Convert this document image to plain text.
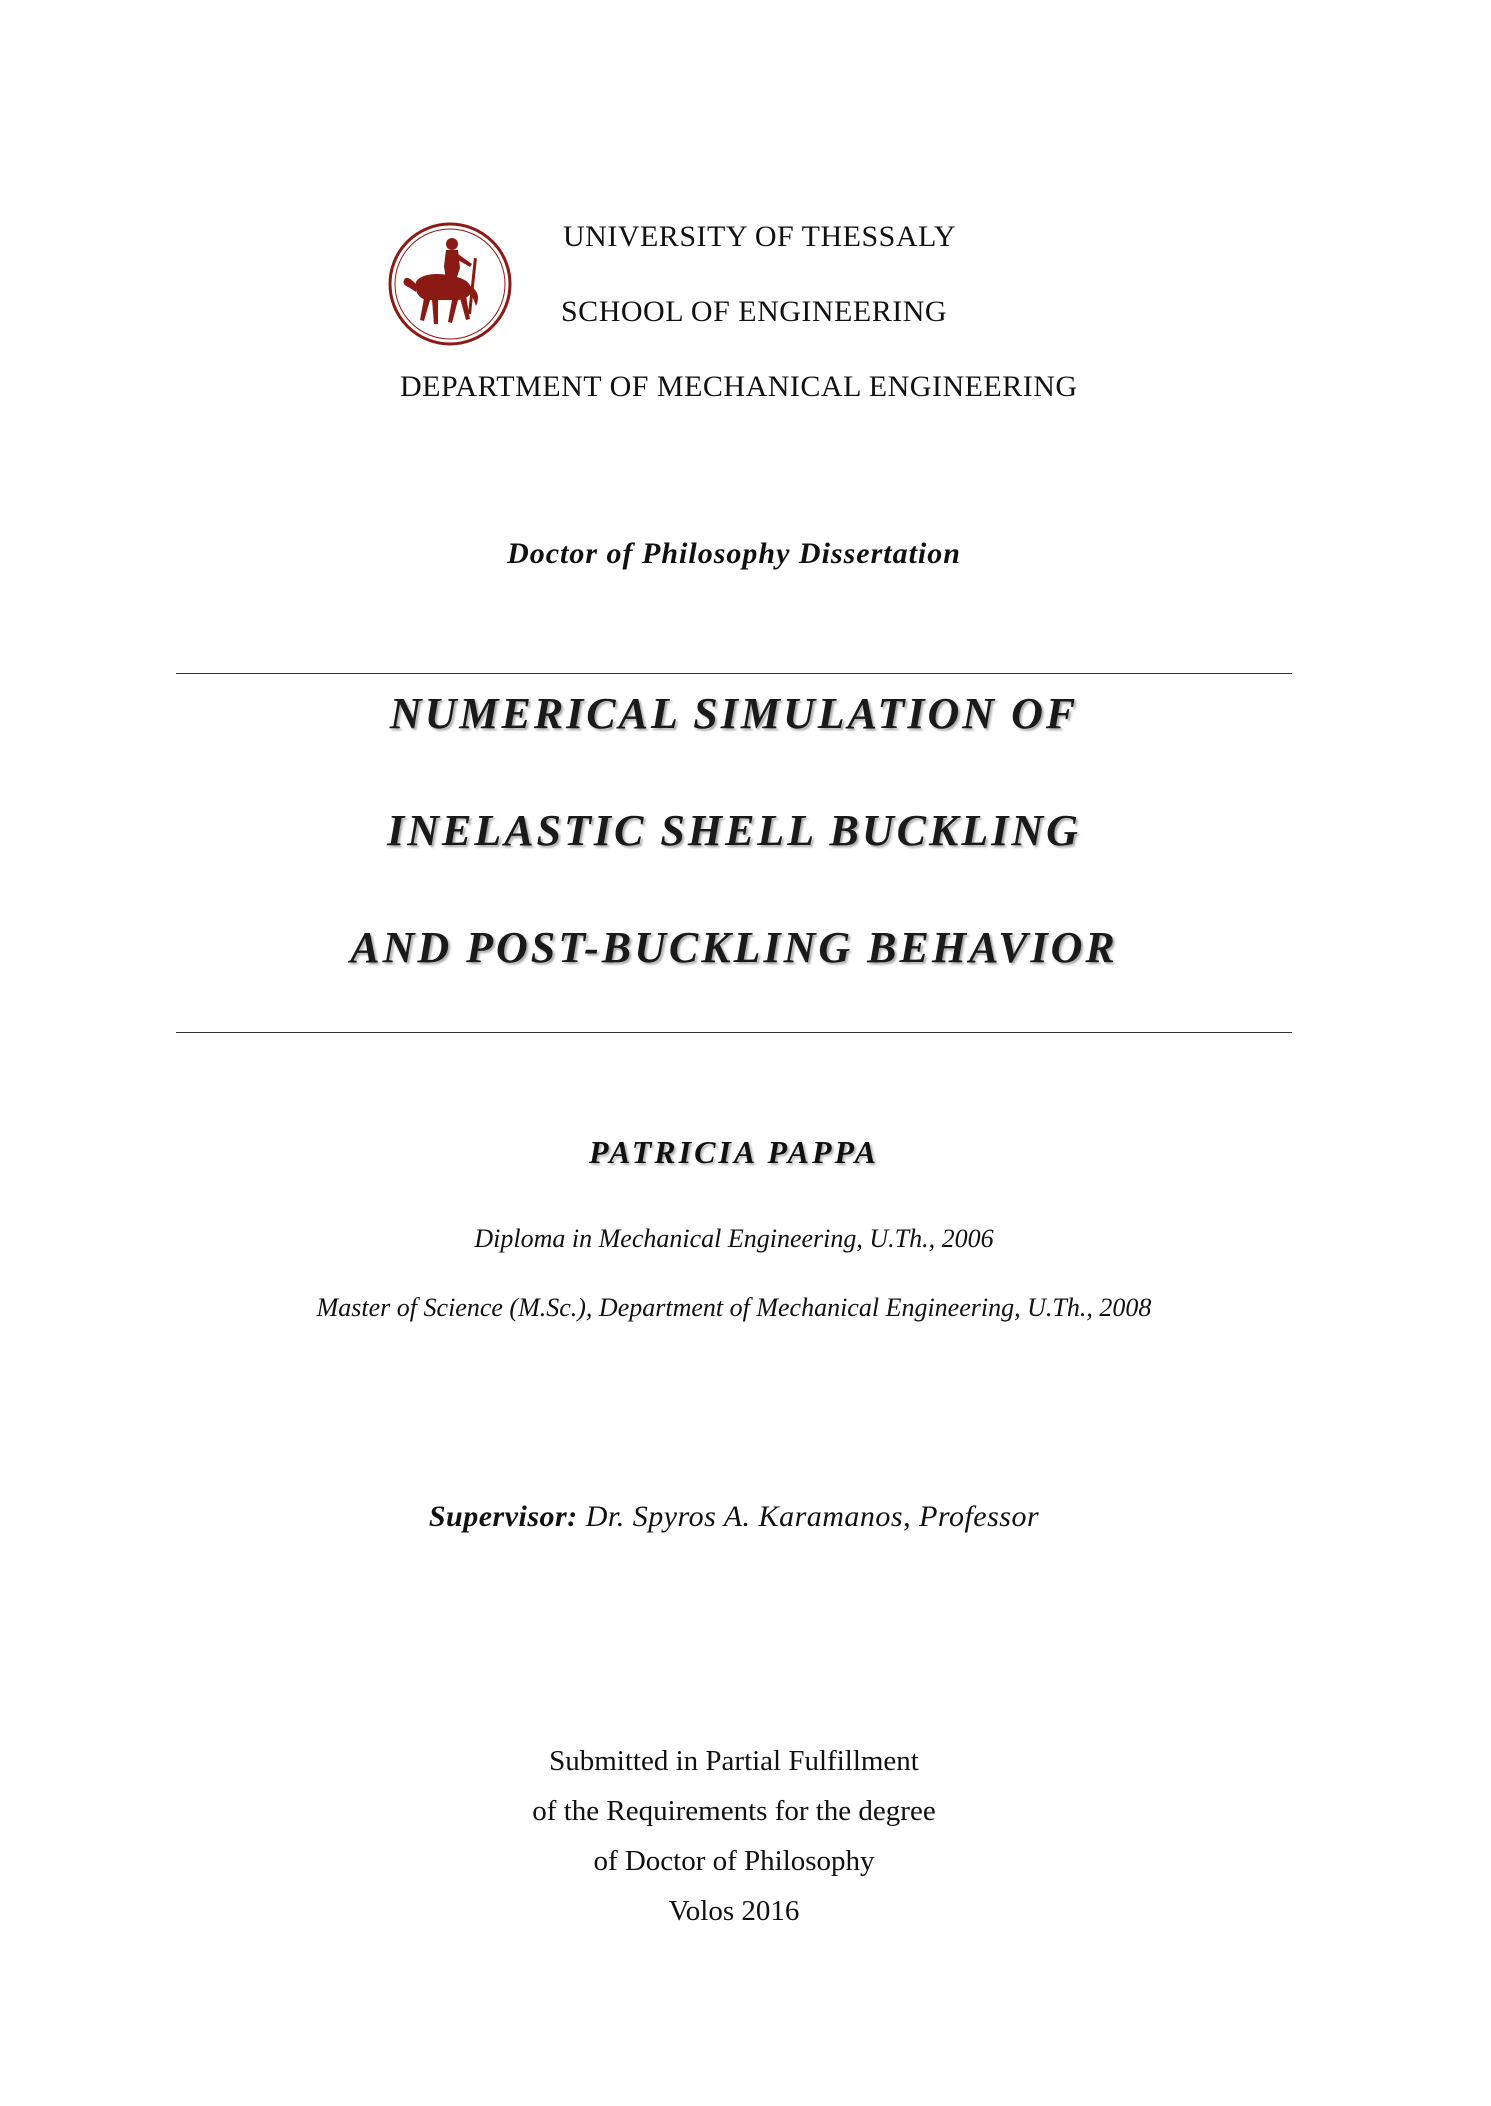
UNIVERSITY OF THESSALY
SCHOOL OF ENGINEERING
DEPARTMENT OF MECHANICAL ENGINEERING
Doctor of Philosophy Dissertation
NUMERICAL SIMULATION OF
INELASTIC SHELL BUCKLING
AND POST-BUCKLING BEHAVIOR
PATRICIA PAPPA
Diploma in Mechanical Engineering, U.Th., 2006
Master of Science (M.Sc.), Department of Mechanical Engineering, U.Th., 2008
Supervisor: Dr. Spyros A. Karamanos, Professor
Submitted in Partial Fulfillment
of the Requirements for the degree
of Doctor of Philosophy
Volos 2016
